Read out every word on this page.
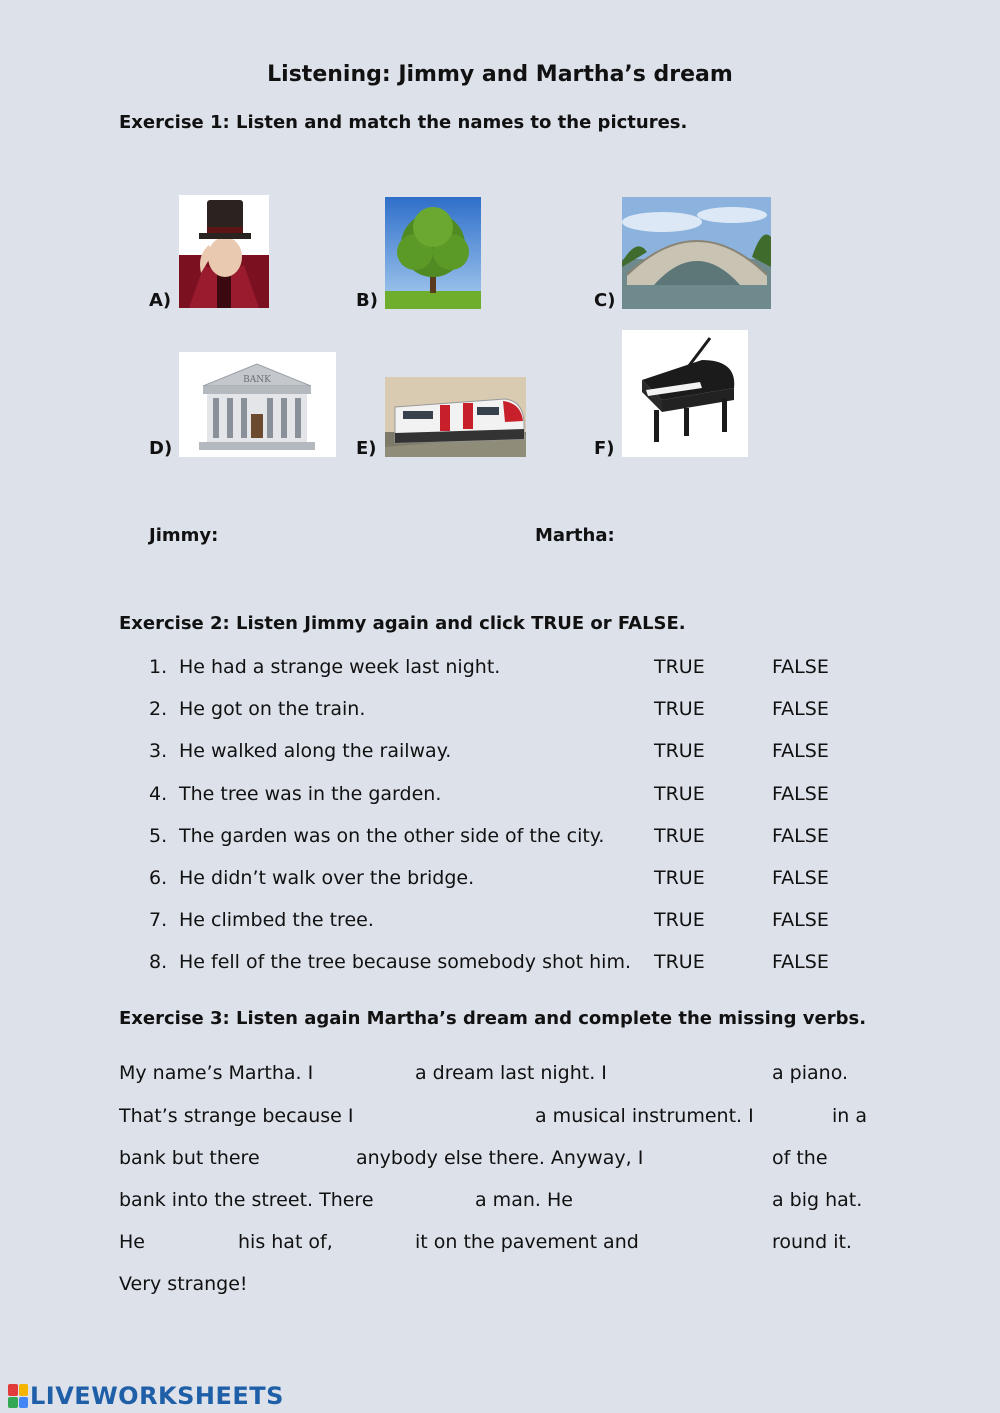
Listening: Jimmy and Martha’s dream
Exercise 1: Listen and match the names to the pictures.
A)	B)	C)
D)
BANK
E)	F)
Jimmy:	Martha:
Exercise 2: Listen Jimmy again and click TRUE or FALSE.
1. He had a strange week last night.	TRUE	FALSE
2. He got on the train.	TRUE	FALSE
3. He walked along the railway.	TRUE	FALSE
4. The tree was in the garden.	TRUE	FALSE
5. The garden was on the other side of the city.	TRUE	FALSE
6. He didn’t walk over the bridge.	TRUE	FALSE
7. He climbed the tree.	TRUE	FALSE
8. He fell of the tree because somebody shot him. TRUE	FALSE
Exercise 3: Listen again Martha’s dream and complete the missing verbs.
My name’s Martha. I	a dream last night. I	a piano.
That’s strange because I	a musical instrument. I	in a
bank but there	anybody else there. Anyway, I	of the
bank into the street. There	a man. He	a big hat.
He	his hat of,	it on the pavement and	round it.
Very strange!
LIVEWORKSHEETS
